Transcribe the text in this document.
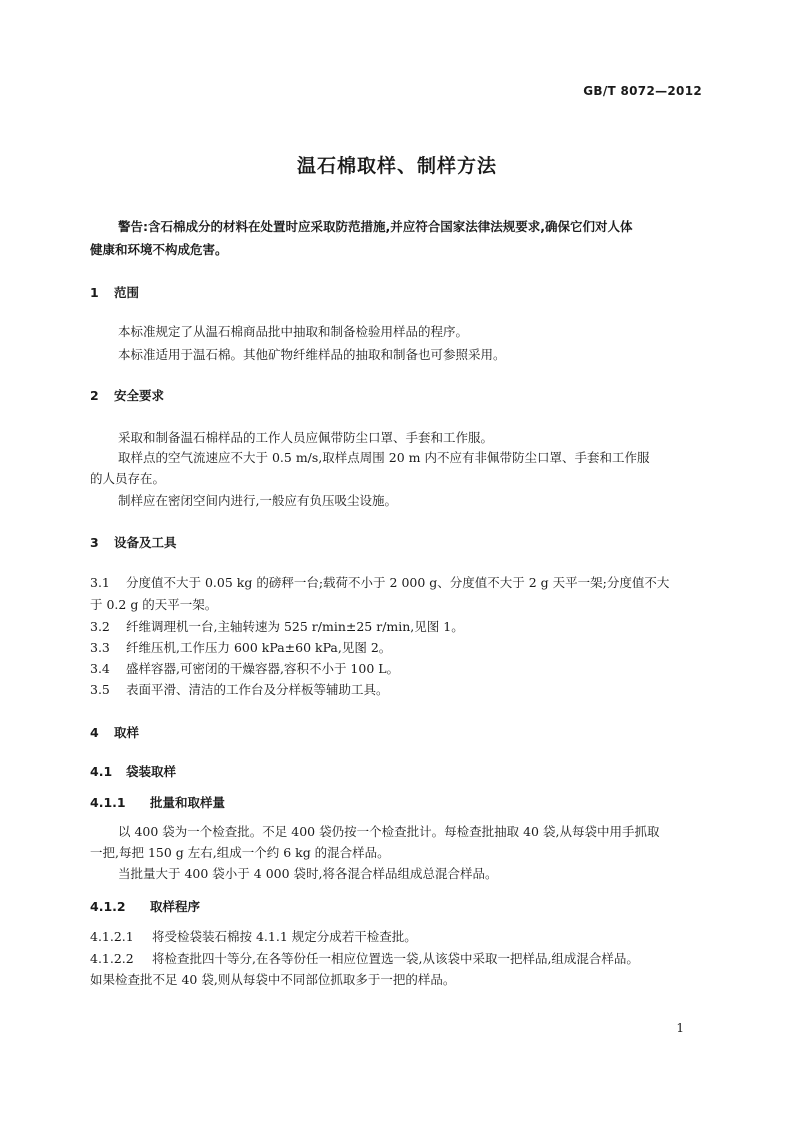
GB/T 8072—2012
温石棉取样、制样方法
警告:含石棉成分的材料在处置时应采取防范措施,并应符合国家法律法规要求,确保它们对人体
健康和环境不构成危害。
1 范围
本标准规定了从温石棉商品批中抽取和制备检验用样品的程序。
本标准适用于温石棉。其他矿物纤维样品的抽取和制备也可参照采用。
2 安全要求
采取和制备温石棉样品的工作人员应佩带防尘口罩、手套和工作服。
取样点的空气流速应不大于 0.5 m/s,取样点周围 20 m 内不应有非佩带防尘口罩、手套和工作服
的人员存在。
制样应在密闭空间内进行,一般应有负压吸尘设施。
3 设备及工具
3.1 分度值不大于 0.05 kg 的磅秤一台;载荷不小于 2 000 g、分度值不大于 2 g 天平一架;分度值不大
于 0.2 g 的天平一架。
3.2 纤维调理机一台,主轴转速为 525 r/min±25 r/min,见图 1。
3.3 纤维压机,工作压力 600 kPa±60 kPa,见图 2。
3.4 盛样容器,可密闭的干燥容器,容积不小于 100 L。
3.5 表面平滑、清洁的工作台及分样板等辅助工具。
4 取样
4.1 袋装取样
4.1.1 批量和取样量
以 400 袋为一个检查批。不足 400 袋仍按一个检查批计。每检查批抽取 40 袋,从每袋中用手抓取
一把,每把 150 g 左右,组成一个约 6 kg 的混合样品。
当批量大于 400 袋小于 4 000 袋时,将各混合样品组成总混合样品。
4.1.2 取样程序
4.1.2.1 将受检袋装石棉按 4.1.1 规定分成若干检查批。
4.1.2.2 将检查批四十等分,在各等份任一相应位置选一袋,从该袋中采取一把样品,组成混合样品。
如果检查批不足 40 袋,则从每袋中不同部位抓取多于一把的样品。
1
